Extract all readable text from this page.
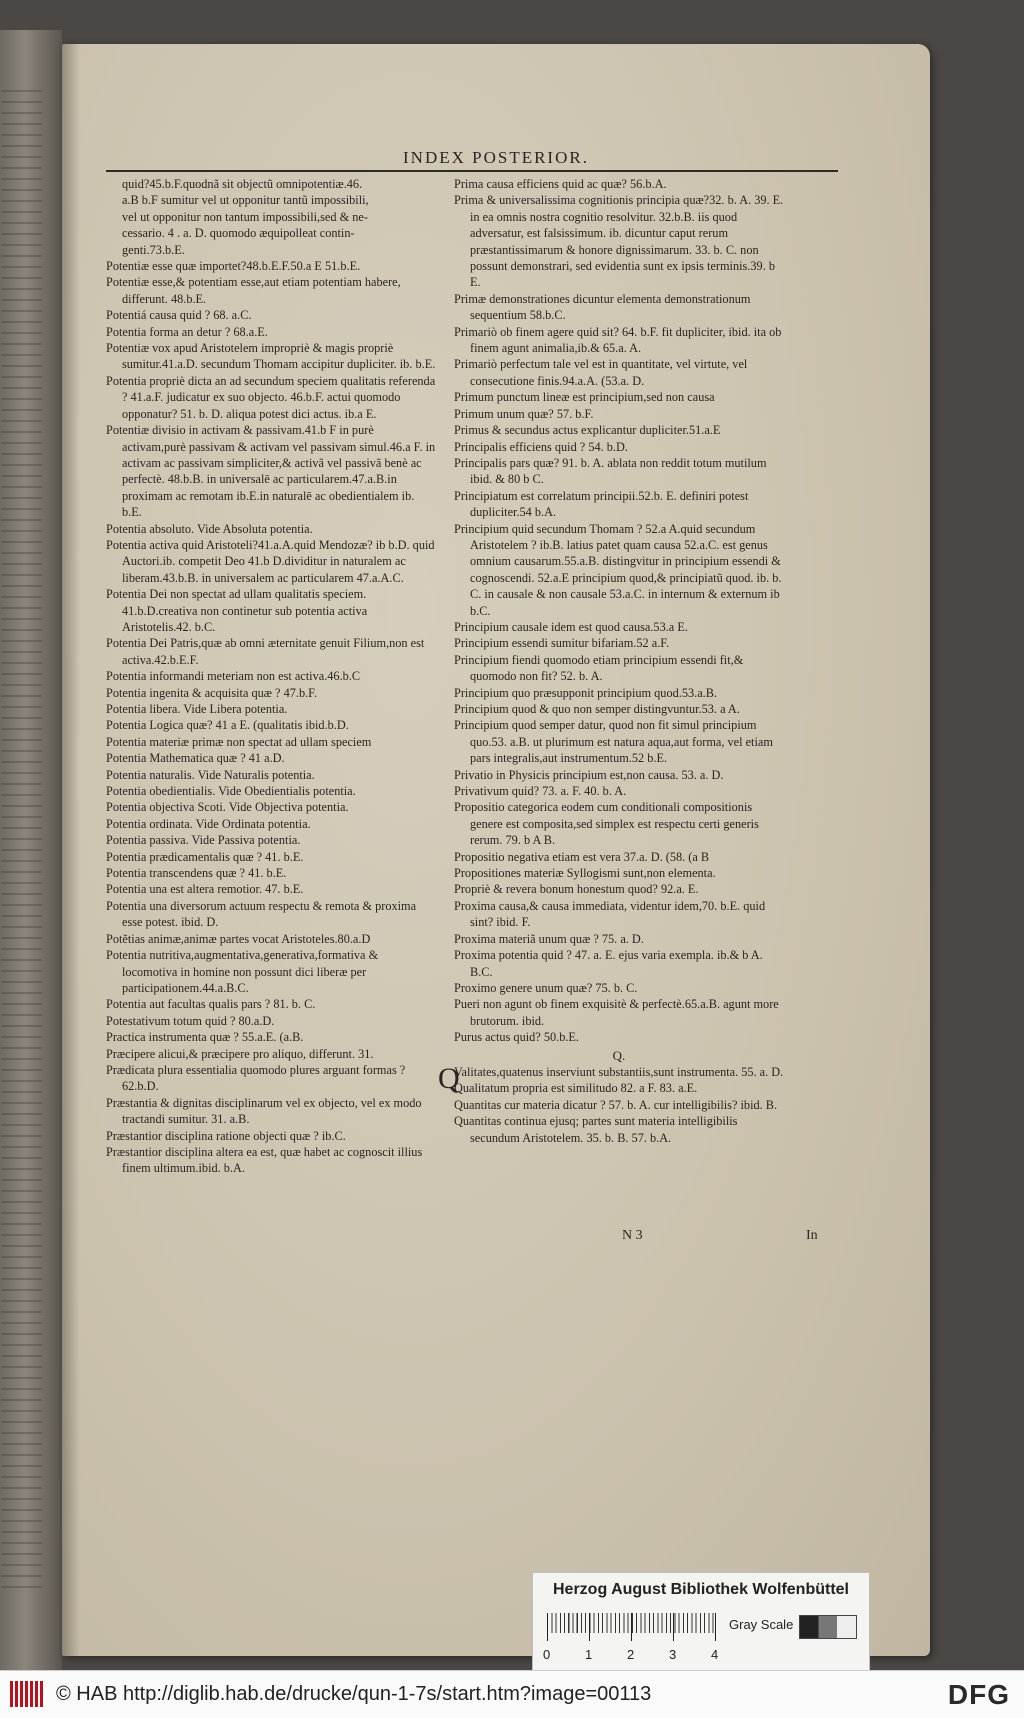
INDEX POSTERIOR.

quid?45.b.F.quodnã sit objectũ omnipotentiæ.46.

a.B b.F sumitur vel ut opponitur tantũ impossibili,

vel ut opponitur non tantum impossibili,sed & ne-

cessario. 4 . a. D. quomodo æquipolleat contin-

genti.73.b.E.

Potentiæ esse quæ importet?48.b.E.F.50.a E 51.b.E.

Potentiæ esse,& potentiam esse,aut etiam potentiam habere, differunt. 48.b.E.

Potentiá causa quid ? 68. a.C.

Potentia forma an detur ? 68.a.E.

Potentiæ vox apud Aristotelem impropriè & magis propriè sumitur.41.a.D. secundum Thomam accipitur dupliciter. ib. b.E.

Potentia propriè dicta an ad secundum speciem qualitatis referenda ? 41.a.F. judicatur ex suo objecto. 46.b.F. actui quomodo opponatur? 51. b. D. aliqua potest dici actus. ib.a E.

Potentiæ divisio in activam & passivam.41.b F in purè activam,purè passivam & activam vel passivam simul.46.a F. in activam ac passivam simpliciter,& activã vel passivã benè ac perfectè. 48.b.B. in universalē ac particularem.47.a.B.in proximam ac remotam ib.E.in naturalē ac obedientialem ib. b.E.

Potentia absoluto. Vide Absoluta potentia.

Potentia activa quid Aristoteli?41.a.A.quid Mendozæ? ib b.D. quid Auctori.ib. competit Deo 41.b D.dividitur in naturalem ac liberam.43.b.B. in universalem ac particularem 47.a.A.C.

Potentia Dei non spectat ad ullam qualitatis speciem. 41.b.D.creativa non continetur sub potentia activa Aristotelis.42. b.C.

Potentia Dei Patris,quæ ab omni æternitate genuit Filium,non est activa.42.b.E.F.

Potentia informandi meteriam non est activa.46.b.C

Potentia ingenita & acquisita quæ ? 47.b.F.

Potentia libera. Vide Libera potentia.

Potentia Logica quæ? 41 a E. (qualitatis ibid.b.D.

Potentia materiæ primæ non spectat ad ullam speciem

Potentia Mathematica quæ ? 41 a.D.

Potentia naturalis. Vide Naturalis potentia.

Potentia obedientialis. Vide Obedientialis potentia.

Potentia objectiva Scoti. Vide Objectiva potentia.

Potentia ordinata. Vide Ordinata potentia.

Potentia passiva. Vide Passiva potentia.

Potentia prædicamentalis quæ ? 41. b.E.

Potentia transcendens quæ ? 41. b.E.

Potentia una est altera remotior. 47. b.E.

Potentia una diversorum actuum respectu & remota & proxima esse potest. ibid. D.

Potẽtias animæ,animæ partes vocat Aristoteles.80.a.D

Potentia nutritiva,augmentativa,generativa,formativa & locomotiva in homine non possunt dici liberæ per participationem.44.a.B.C.

Potentia aut facultas qualis pars ? 81. b. C.

Potestativum totum quid ? 80.a.D.

Practica instrumenta quæ ? 55.a.E. (a.B.

Præcipere alicui,& præcipere pro aliquo, differunt. 31.

Prædicata plura essentialia quomodo plures arguant formas ? 62.b.D.

Præstantia & dignitas disciplinarum vel ex objecto, vel ex modo tractandi sumitur. 31. a.B.

Præstantior disciplina ratione objecti quæ ? ib.C.

Præstantior disciplina altera ea est, quæ habet ac cognoscit illius finem ultimum.ibid. b.A.

Prima causa efficiens quid ac quæ? 56.b.A.

Prima & universalissima cognitionis principia quæ?32. b. A. 39. E. in ea omnis nostra cognitio resolvitur. 32.b.B. iis quod adversatur, est falsissimum. ib. dicuntur caput rerum præstantissimarum & honore dignissimarum. 33. b. C. non possunt demonstrari, sed evidentia sunt ex ipsis terminis.39. b E.

Primæ demonstrationes dicuntur elementa demonstrationum sequentium 58.b.C.

Primariò ob finem agere quid sit? 64. b.F. fit dupliciter, ibid. ita ob finem agunt animalia,ib.& 65.a. A.

Primariò perfectum tale vel est in quantitate, vel virtute, vel consecutione finis.94.a.A. (53.a. D.

Primum punctum lineæ est principium,sed non causa

Primum unum quæ? 57. b.F.

Primus & secundus actus explicantur dupliciter.51.a.E

Principalis efficiens quid ? 54. b.D.

Principalis pars quæ? 91. b. A. ablata non reddit totum mutilum ibid. & 80 b C.

Principiatum est correlatum principii.52.b. E. definiri potest dupliciter.54 b.A.

Principium quid secundum Thomam ? 52.a A.quid secundum Aristotelem ? ib.B. latius patet quam causa 52.a.C. est genus omnium causarum.55.a.B. distingvitur in principium essendi & cognoscendi. 52.a.E principium quod,& principiatũ quod. ib. b. C. in causale & non causale 53.a.C. in internum & externum ib b.C.

Principium causale idem est quod causa.53.a E.

Principium essendi sumitur bifariam.52 a.F.

Principium fiendi quomodo etiam principium essendi fit,& quomodo non fit? 52. b. A.

Principium quo præsupponit principium quod.53.a.B.

Principium quod & quo non semper distingvuntur.53. a A.

Principium quod semper datur, quod non fit simul principium quo.53. a.B. ut plurimum est natura aqua,aut forma, vel etiam pars integralis,aut instrumentum.52 b.E.

Privatio in Physicis principium est,non causa. 53. a. D.

Privativum quid? 73. a. F. 40. b. A.

Propositio categorica eodem cum conditionali compositionis genere est composita,sed simplex est respectu certi generis rerum. 79. b A B.

Propositio negativa etiam est vera 37.a. D. (58. (a B

Propositiones materiæ Syllogismi sunt,non elementa.

Propriè & revera bonum honestum quod? 92.a. E.

Proxima causa,& causa immediata, videntur idem,70. b.E. quid sint? ibid. F.

Proxima materiã unum quæ ? 75. a. D.

Proxima potentia quid ? 47. a. E. ejus varia exempla. ib.& b A. B.C.

Proximo genere unum quæ? 75. b. C.

Pueri non agunt ob finem exquisitè & perfectè.65.a.B. agunt more brutorum. ibid.

Purus actus quid? 50.b.E.

Q.

Q
Valitates,quatenus inserviunt substantiis,sunt instrumenta. 55. a. D.

Qualitatum propria est similitudo 82. a F. 83. a.E.

Quantitas cur materia dicatur ? 57. b. A. cur intelligibilis? ibid. B.

Quantitas continua ejusq; partes sunt materia intelligibilis secundum Aristotelem. 35. b. B. 57. b.A.

N 3	In
Herzog August Bibliothek Wolfenbüttel
0	1	2	3	4
Gray Scale
© HAB http://diglib.hab.de/drucke/qun-1-7s/start.htm?image=00113	DFG
